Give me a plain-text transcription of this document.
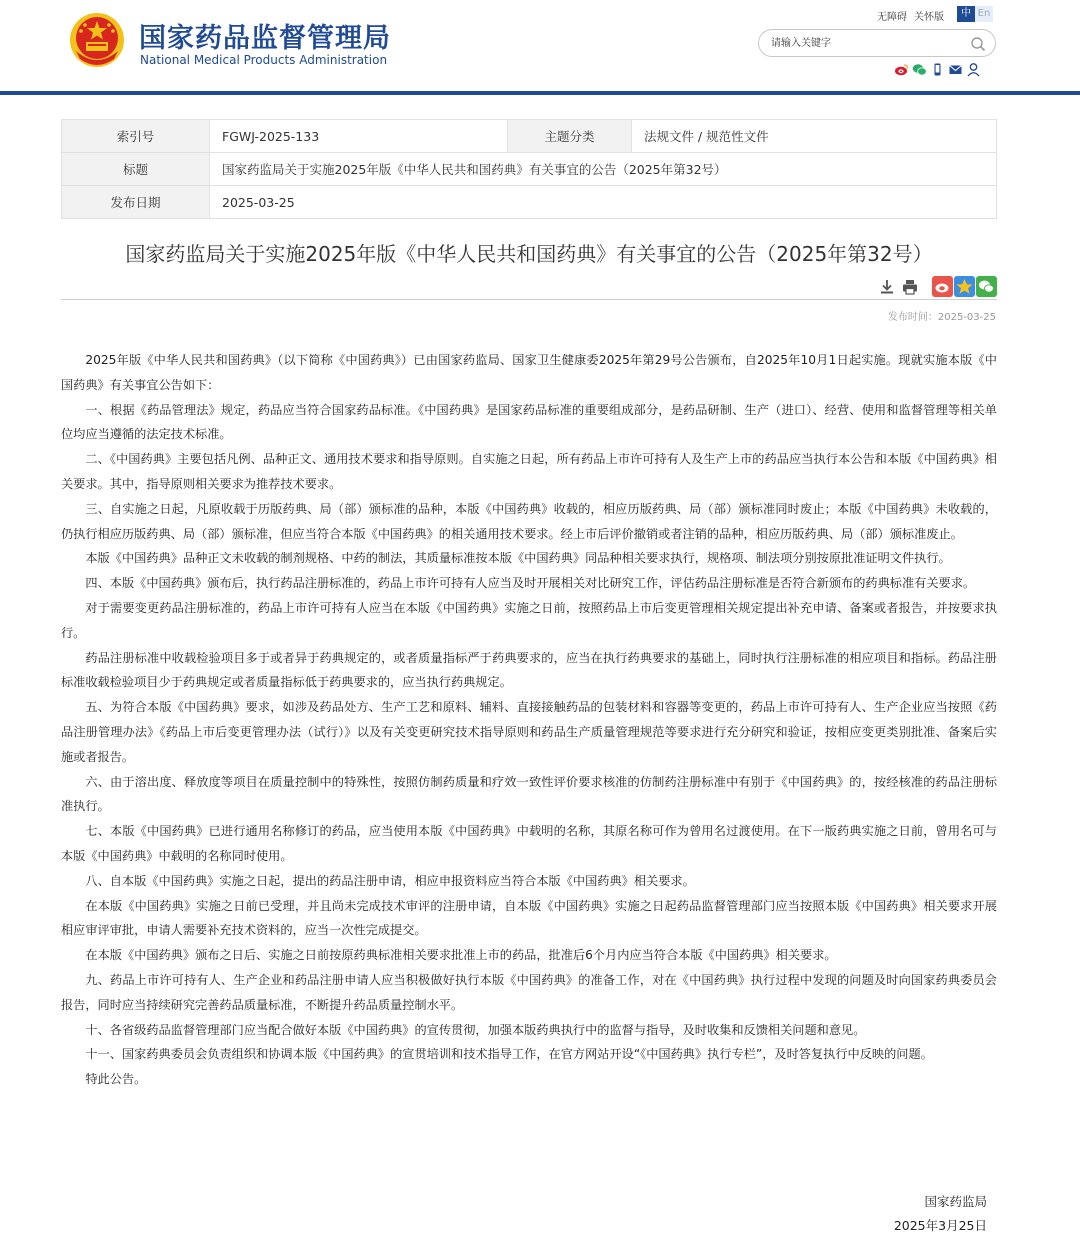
国家药品监督管理局
National Medical Products Administration
无障碍 关怀版	中 En
请输入关键字
索引号	FGWJ-2025-133	主题分类	法规文件 / 规范性文件
标题	国家药监局关于实施2025年版《中华人民共和国药典》有关事宜的公告（2025年第32号）		
发布日期	2025-03-25		
国家药监局关于实施2025年版《中华人民共和国药典》有关事宜的公告（2025年第32号）
发布时间：2025-03-25

2025年版《中华人民共和国药典》（以下简称《中国药典》）已由国家药监局、国家卫生健康委2025年第29号公告颁布，自2025年10月1日起实施。现就实施本版《中国药典》有关事宜公告如下：

一、根据《药品管理法》规定，药品应当符合国家药品标准。《中国药典》是国家药品标准的重要组成部分，是药品研制、生产（进口）、经营、使用和监督管理等相关单位均应当遵循的法定技术标准。

二、《中国药典》主要包括凡例、品种正文、通用技术要求和指导原则。自实施之日起，所有药品上市许可持有人及生产上市的药品应当执行本公告和本版《中国药典》相关要求。其中，指导原则相关要求为推荐技术要求。

三、自实施之日起，凡原收载于历版药典、局（部）颁标准的品种，本版《中国药典》收载的，相应历版药典、局（部）颁标准同时废止；本版《中国药典》未收载的，仍执行相应历版药典、局（部）颁标准，但应当符合本版《中国药典》的相关通用技术要求。经上市后评价撤销或者注销的品种，相应历版药典、局（部）颁标准废止。

本版《中国药典》品种正文未收载的制剂规格、中药的制法，其质量标准按本版《中国药典》同品种相关要求执行，规格项、制法项分别按原批准证明文件执行。

四、本版《中国药典》颁布后，执行药品注册标准的，药品上市许可持有人应当及时开展相关对比研究工作，评估药品注册标准是否符合新颁布的药典标准有关要求。

对于需要变更药品注册标准的，药品上市许可持有人应当在本版《中国药典》实施之日前，按照药品上市后变更管理相关规定提出补充申请、备案或者报告，并按要求执行。

药品注册标准中收载检验项目多于或者异于药典规定的，或者质量指标严于药典要求的，应当在执行药典要求的基础上，同时执行注册标准的相应项目和指标。药品注册标准收载检验项目少于药典规定或者质量指标低于药典要求的，应当执行药典规定。

五、为符合本版《中国药典》要求，如涉及药品处方、生产工艺和原料、辅料、直接接触药品的包装材料和容器等变更的，药品上市许可持有人、生产企业应当按照《药品注册管理办法》《药品上市后变更管理办法（试行）》以及有关变更研究技术指导原则和药品生产质量管理规范等要求进行充分研究和验证，按相应变更类别批准、备案后实施或者报告。

六、由于溶出度、释放度等项目在质量控制中的特殊性，按照仿制药质量和疗效一致性评价要求核准的仿制药注册标准中有别于《中国药典》的，按经核准的药品注册标准执行。

七、本版《中国药典》已进行通用名称修订的药品，应当使用本版《中国药典》中载明的名称，其原名称可作为曾用名过渡使用。在下一版药典实施之日前，曾用名可与本版《中国药典》中载明的名称同时使用。

八、自本版《中国药典》实施之日起，提出的药品注册申请，相应申报资料应当符合本版《中国药典》相关要求。

在本版《中国药典》实施之日前已受理，并且尚未完成技术审评的注册申请，自本版《中国药典》实施之日起药品监督管理部门应当按照本版《中国药典》相关要求开展相应审评审批，申请人需要补充技术资料的，应当一次性完成提交。

在本版《中国药典》颁布之日后、实施之日前按原药典标准相关要求批准上市的药品，批准后6个月内应当符合本版《中国药典》相关要求。

九、药品上市许可持有人、生产企业和药品注册申请人应当积极做好执行本版《中国药典》的准备工作，对在《中国药典》执行过程中发现的问题及时向国家药典委员会报告，同时应当持续研究完善药品质量标准，不断提升药品质量控制水平。

十、各省级药品监督管理部门应当配合做好本版《中国药典》的宣传贯彻，加强本版药典执行中的监督与指导，及时收集和反馈相关问题和意见。

十一、国家药典委员会负责组织和协调本版《中国药典》的宣贯培训和技术指导工作，在官方网站开设“《中国药典》执行专栏”，及时答复执行中反映的问题。

特此公告。

国家药监局
2025年3月25日
